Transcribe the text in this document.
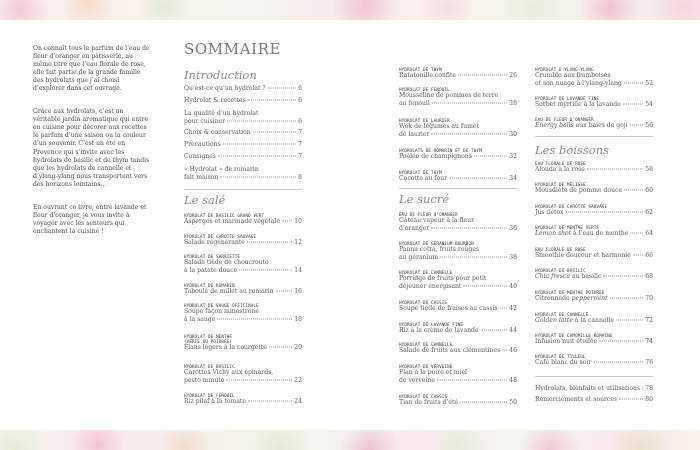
On connaît tous le parfum de l’eau de fleur d’oranger en pâtisserie, au même titre que l’eau florale de rose, elle fait partie de la grande famille des hydrolats que j’ai choisi d’explorer dans cet ouvrage.

Grâce aux hydrolats, c’est un véritable jardin aromatique qui entre en cuisine pour décorer aux recettes le parfum d’une saison ou la couleur d’un souvenir. C’est un été en Provence qui s’invite avec les hydrolats de basilic et de thym tandis que les hydrolats de cannelle et d’ylang-ylang nous transportent vers des horizons lointains…

En ouvrant ce livre, entre lavande et fleur d’oranger, je vous invite à voyager avec les senteurs qui enchantent la cuisine !

SOMMAIRE
Introduction
Qu’est-ce qu’un hydrolat ?	6
Hydrolat & recettes	6
La qualité d’un hydrolat
pour cuisiner	6
Choix & conservation	7
Précautions	7
Consignes	7
« Hydrolat » de romarin
fait maison	8
Le salé
HYDROLAT DE BASILIC GRAND VERT
Asperges et marinade végétale 10
HYDROLAT DE CAROTTE SAUVAGE
Salade régénérante	12
HYDROLAT DE SARRIETTE
Salade tiède de choucroute
à la patate douce	14
HYDROLAT DE ROMARIN
Taboulé de millet au romarin	16
HYDROLAT DE SAUGE OFFICINALE
Soupe façon minestrone
à la sauge	18
HYDROLAT DE MENTHE
(VERTE OU POIVRÉE)
Flans légers à la courgette	20
HYDROLAT DE BASILIC
Carottes Vichy aux épinards,
pesto minute	22
HYDROLAT DE FENOUIL
Riz pilaf à la tomate	24
HYDROLAT DE THYM
Ratatouille confite	26
HYDROLAT DE FENOUIL
Mousseline de pommes de terre
au fenouil	28
HYDROLAT DE LAURIER
Wok de légumes au fumet
de laurier	30
HYDROLATS DE ROMARIN ET DE THYM
Poêlée de champignons	32
HYDROLAT DE THYM
Cocotte au four	34
Le sucré
EAU DE FLEUR D’ORANGER
Gâteau vapeur à la fleur
d’oranger	36
HYDROLAT DE GÉRANIUM BOURBON
Panna cotta, fruits rouges
au géranium	38
HYDROLAT DE CANNELLE
Porridge de fruits pour petit
déjeuner énergisant	40
HYDROLAT DE CASSIS
Soupe tiède de fraises au cassis 42
HYDROLAT DE LAVANDE FINE
Riz à la crème de lavande	44
HYDROLAT DE CANNELLE
Salade de fruits aux clémentines 46
HYDROLAT DE VERVEINE
Flan à la poire et miel
de verveine	48
HYDROLAT DE CASSIS
Tian de fruits d’été	50
HYDROLAT D’YLANG-YLANG
Crumble aux framboises
et son nuage à l’ylang-ylang	52
HYDROLAT DE LAVANDE FINE
Sorbet myrtille à la lavande	54
EAU DE FLEUR D’ORANGER
Energy balls aux baies de goji	56
Les boissons
EAU FLORALE DE ROSE
Alouda à la rose	58
HYDROLAT DE MÉLISSE
Mousdiète de pomme douce	60
HYDROLAT DE CAROTTE SAUVAGE
Jus détox	62
HYDROLAT DE MENTHE VERTE
Lemon shot à l’eau de menthe	64
EAU FLORALE DE ROSE
Smoothie douceur et harmonie 66
HYDROLAT DE BASILIC
Chia fresca au basilic	68
HYDROLAT DE MENTHE POIVRÉE
Citronnade peppermint	70
HYDROLAT DE CANNELLE
Golden latte à la cannelle	72
HYDROLAT DE CAMOMILLE ROMAINE
Infusion nuit étoilée	74
HYDROLAT DE TILLEUL
Café blanc du soir	76
Hydrolats, bienfaits et utilisations 78
Remerciements et sources	80
